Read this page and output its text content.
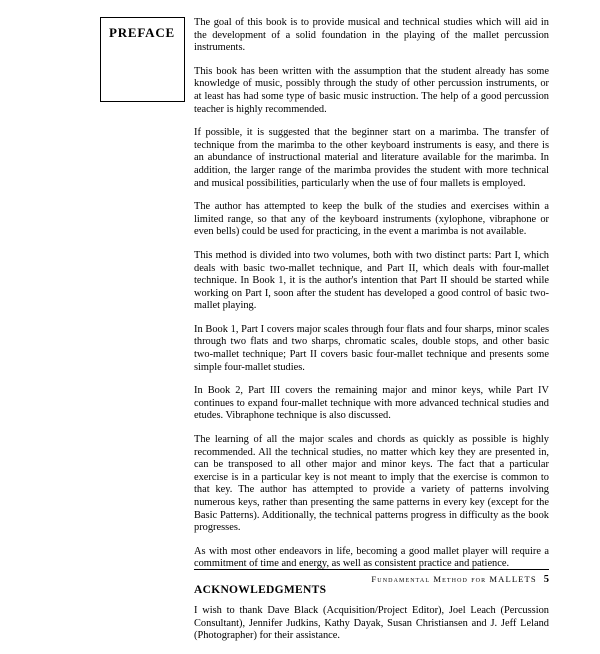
PREFACE

The goal of this book is to provide musical and technical studies which will aid in the development of a solid foundation in the playing of the mallet percussion instruments.

This book has been written with the assumption that the student already has some knowledge of music, possibly through the study of other percussion instruments, or at least has had some type of basic music instruction. The help of a good percussion teacher is highly recommended.

If possible, it is suggested that the beginner start on a marimba. The transfer of technique from the marimba to the other keyboard instruments is easy, and there is an abundance of instructional material and literature available for the marimba. In addition, the larger range of the marimba provides the student with more technical and musical possibilities, particularly when the use of four mallets is employed.

The author has attempted to keep the bulk of the studies and exercises within a limited range, so that any of the keyboard instruments (xylophone, vibraphone or even bells) could be used for practicing, in the event a marimba is not available.

This method is divided into two volumes, both with two distinct parts: Part I, which deals with basic two-mallet technique, and Part II, which deals with four-mallet technique. In Book 1, it is the author's intention that Part II should be started while working on Part I, soon after the student has developed a good control of basic two-mallet playing.

In Book 1, Part I covers major scales through four flats and four sharps, minor scales through two flats and two sharps, chromatic scales, double stops, and other basic two-mallet technique; Part II covers basic four-mallet technique and presents some simple four-mallet studies.

In Book 2, Part III covers the remaining major and minor keys, while Part IV continues to expand four-mallet technique with more advanced technical studies and etudes. Vibraphone technique is also discussed.

The learning of all the major scales and chords as quickly as possible is highly recommended. All the technical studies, no matter which key they are presented in, can be transposed to all other major and minor keys. The fact that a particular exercise is in a particular key is not meant to imply that the exercise is common to that key. The author has attempted to provide a variety of patterns involving numerous keys, rather than presenting the same patterns in every key (except for the Basic Patterns). Additionally, the technical patterns progress in difficulty as the book progresses.

As with most other endeavors in life, becoming a good mallet player will require a commitment of time and energy, as well as consistent practice and patience.

ACKNOWLEDGMENTS

I wish to thank Dave Black (Acquisition/Project Editor), Joel Leach (Percussion Consultant), Jennifer Judkins, Kathy Dayak, Susan Christiansen and J. Jeff Leland (Photographer) for their assistance.

Fundamental Method for MALLETS 5
